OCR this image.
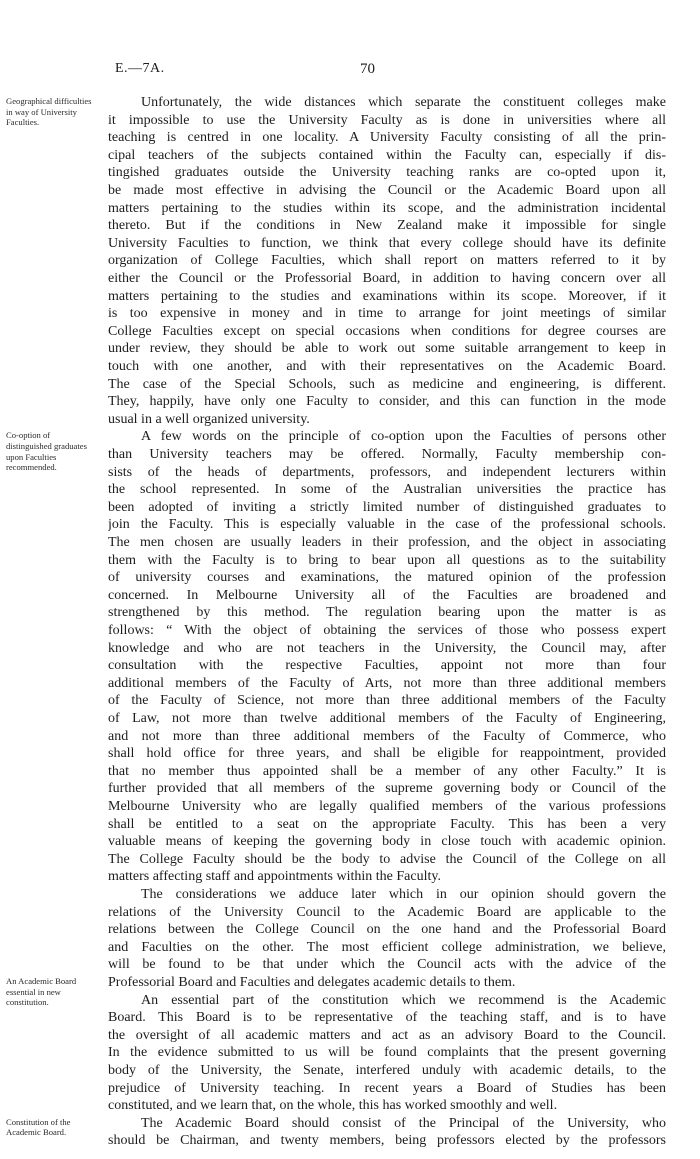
E.—7A.	70
Geographical difficulties in way of University Faculties.
Co-option of distinguished graduates upon Faculties recommended.
An Academic Board essential in new constitution.
Constitution of the Academic Board.
Unfortunately, the wide distances which separate the constituent colleges make
it impossible to use the University Faculty as is done in universities where all
teaching is centred in one locality. A University Faculty consisting of all the prin-
cipal teachers of the subjects contained within the Faculty can, especially if dis-
tingished graduates outside the University teaching ranks are co-opted upon it,
be made most effective in advising the Council or the Academic Board upon all
matters pertaining to the studies within its scope, and the administration incidental
thereto. But if the conditions in New Zealand make it impossible for single
University Faculties to function, we think that every college should have its definite
organization of College Faculties, which shall report on matters referred to it by
either the Council or the Professorial Board, in addition to having concern over all
matters pertaining to the studies and examinations within its scope. Moreover, if it
is too expensive in money and in time to arrange for joint meetings of similar
College Faculties except on special occasions when conditions for degree courses are
under review, they should be able to work out some suitable arrangement to keep in
touch with one another, and with their representatives on the Academic Board.
The case of the Special Schools, such as medicine and engineering, is different.
They, happily, have only one Faculty to consider, and this can function in the mode
usual in a well organized university.
A few words on the principle of co-option upon the Faculties of persons other
than University teachers may be offered. Normally, Faculty membership con-
sists of the heads of departments, professors, and independent lecturers within
the school represented. In some of the Australian universities the practice has
been adopted of inviting a strictly limited number of distinguished graduates to
join the Faculty. This is especially valuable in the case of the professional schools.
The men chosen are usually leaders in their profession, and the object in associating
them with the Faculty is to bring to bear upon all questions as to the suitability
of university courses and examinations, the matured opinion of the profession
concerned. In Melbourne University all of the Faculties are broadened and
strengthened by this method. The regulation bearing upon the matter is as
follows: “ With the object of obtaining the services of those who possess expert
knowledge and who are not teachers in the University, the Council may, after
consultation with the respective Faculties, appoint not more than four
additional members of the Faculty of Arts, not more than three additional members
of the Faculty of Science, not more than three additional members of the Faculty
of Law, not more than twelve additional members of the Faculty of Engineering,
and not more than three additional members of the Faculty of Commerce, who
shall hold office for three years, and shall be eligible for reappointment, provided
that no member thus appointed shall be a member of any other Faculty.” It is
further provided that all members of the supreme governing body or Council of the
Melbourne University who are legally qualified members of the various professions
shall be entitled to a seat on the appropriate Faculty. This has been a very
valuable means of keeping the governing body in close touch with academic opinion.
The College Faculty should be the body to advise the Council of the College on all
matters affecting staff and appointments within the Faculty.
The considerations we adduce later which in our opinion should govern the
relations of the University Council to the Academic Board are applicable to the
relations between the College Council on the one hand and the Professorial Board
and Faculties on the other. The most efficient college administration, we believe,
will be found to be that under which the Council acts with the advice of the
Professorial Board and Faculties and delegates academic details to them.
An essential part of the constitution which we recommend is the Academic
Board. This Board is to be representative of the teaching staff, and is to have
the oversight of all academic matters and act as an advisory Board to the Council.
In the evidence submitted to us will be found complaints that the present governing
body of the University, the Senate, interfered unduly with academic details, to the
prejudice of University teaching. In recent years a Board of Studies has been
constituted, and we learn that, on the whole, this has worked smoothly and well.
The Academic Board should consist of the Principal of the University, who
should be Chairman, and twenty members, being professors elected by the professors
